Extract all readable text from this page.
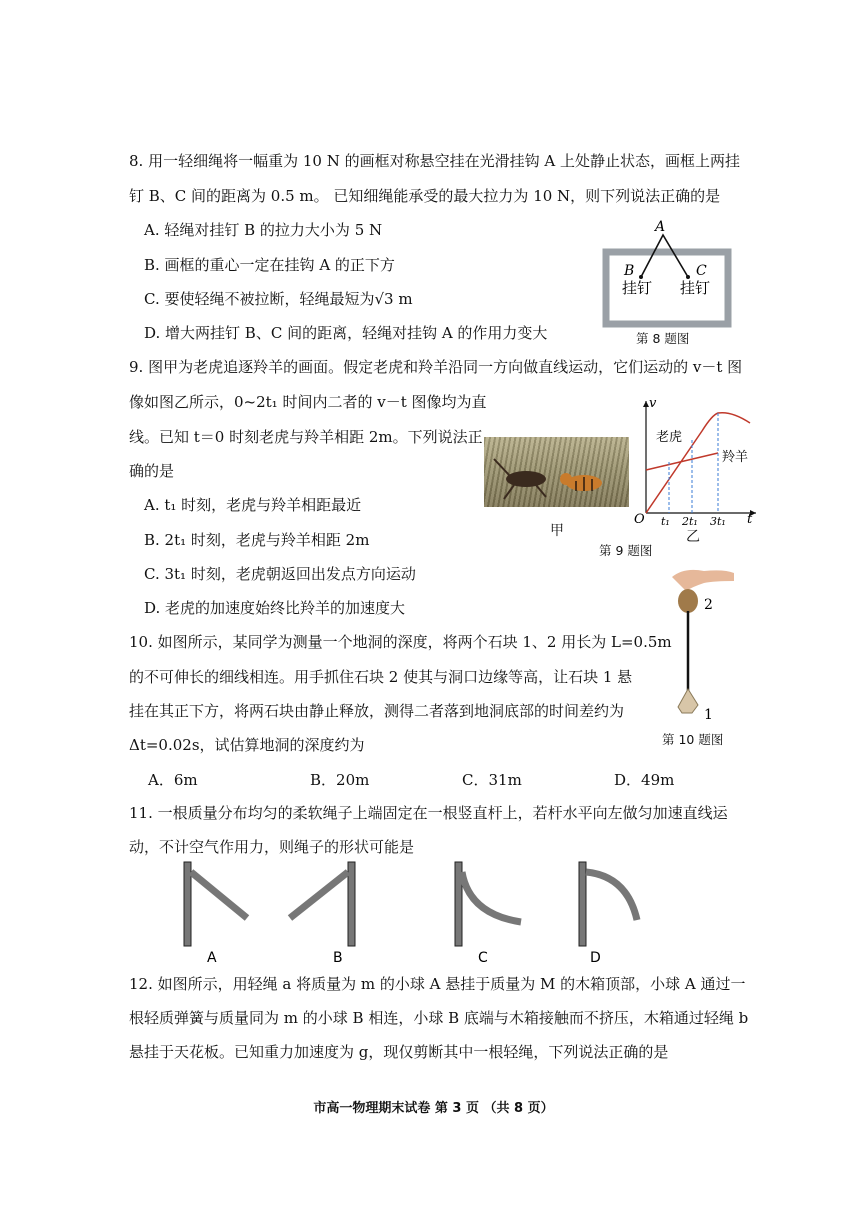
8. 用一轻细绳将一幅重为 10 N 的画框对称悬空挂在光滑挂钩 A 上处静止状态，画框上两挂
钉 B、C 间的距离为 0.5 m。 已知细绳能承受的最大拉力为 10 N，则下列说法正确的是
A. 轻绳对挂钉 B 的拉力大小为 5 N
B. 画框的重心一定在挂钩 A 的正下方
C. 要使轻绳不被拉断，轻绳最短为√3 m
D. 增大两挂钉 B、C 间的距离，轻绳对挂钩 A 的作用力变大
A
B	C
挂钉 挂钉
第 8 题图
9. 图甲为老虎追逐羚羊的画面。假定老虎和羚羊沿同一方向做直线运动，它们运动的 v－t 图
像如图乙所示，0~2t₁ 时间内二者的 v－t 图像均为直
线。已知 t＝0 时刻老虎与羚羊相距 2m。下列说法正
确的是
A. t₁ 时刻，老虎与羚羊相距最近
B. 2t₁ 时刻，老虎与羚羊相距 2m
C. 3t₁ 时刻，老虎朝返回出发点方向运动
D. 老虎的加速度始终比羚羊的加速度大
甲
v
t
O t₁ 2t₁ 3t₁
老虎
羚羊
乙
第 9 题图
10. 如图所示，某同学为测量一个地洞的深度，将两个石块 1、2 用长为 L=0.5m
的不可伸长的细线相连。用手抓住石块 2 使其与洞口边缘等高，让石块 1 悬
挂在其正下方，将两石块由静止释放，测得二者落到地洞底部的时间差约为
Δt=0.02s，试估算地洞的深度约为
A．6m	B．20m	C．31m	D．49m
2
1
第 10 题图
11. 一根质量分布均匀的柔软绳子上端固定在一根竖直杆上，若杆水平向左做匀加速直线运
动，不计空气作用力，则绳子的形状可能是
A	B	C	D
12. 如图所示，用轻绳 a 将质量为 m 的小球 A 悬挂于质量为 M 的木箱顶部，小球 A 通过一
根轻质弹簧与质量同为 m 的小球 B 相连，小球 B 底端与木箱接触而不挤压，木箱通过轻绳 b
悬挂于天花板。已知重力加速度为 g，现仅剪断其中一根轻绳，下列说法正确的是
市高一物理期末试卷 第 3 页 （共 8 页）
